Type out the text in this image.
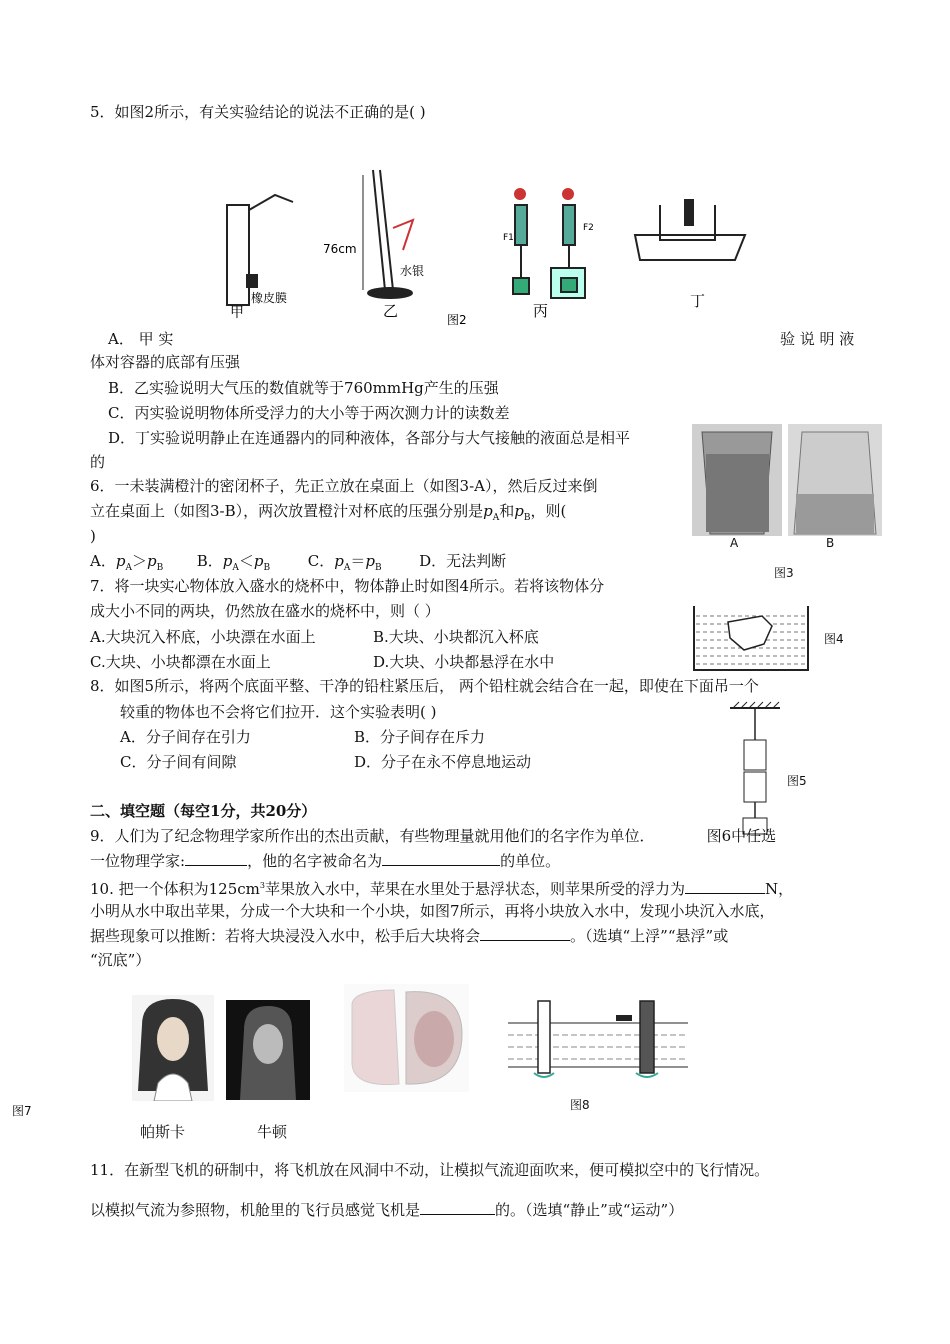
5．如图2所示，有关实验结论的说法不正确的是( )
橡皮膜
76cm
水银
F1
F2
甲	乙	图2	丙
丁
A． 甲 实	验 说 明 液
体对容器的底部有压强
B．乙实验说明大气压的数值就等于760mmHg产生的压强
C．丙实验说明物体所受浮力的大小等于两次测力计的读数差
D．丁实验说明静止在连通器内的同种液体，各部分与大气接触的液面总是相平
的
6．一未装满橙汁的密闭杯子，先正立放在桌面上（如图3-A），然后反过来倒
立在桌面上（如图3-B），两次放置橙汁对杯底的压强分别是$p_A$和$p_B$，则(
)
A．$p_A>p_B$ B．$p_A<p_B$	C．$p_A=p_B$	D．无法判断
A	B
图3
7．将一块实心物体放入盛水的烧杯中，物体静止时如图4所示。若将该物体分
成大小不同的两块，仍然放在盛水的烧杯中，则（ ）
A.大块沉入杯底，小块漂在水面上	B.大块、小块都沉入杯底
C.大块、小块都漂在水面上	D.大块、小块都悬浮在水中
图4
8．如图5所示，将两个底面平整、干净的铅柱紧压后， 两个铅柱就会结合在一起，即使在下面吊一个
较重的物体也不会将它们拉开．这个实验表明( )
A．分子间存在引力	B．分子间存在斥力
C．分子间有间隙	D．分子在永不停息地运动
图5
二、填空题（每空1分，共20分）
9．人们为了纪念物理学家所作出的杰出贡献，有些物理量就用他们的名字作为单位．	图6中任选
一位物理学家:	，他的名字被命名为	的单位。
10. 把一个体积为$125cm^3$苹果放入水中，苹果在水里处于悬浮状态，则苹果所受的浮力为	N，
小明从水中取出苹果，分成一个大块和一个小块，如图7所示，再将小块放入水中，发现小块沉入水底，
据些现象可以推断：若将大块浸没入水中，松手后大块将会	。（选填“上浮”“悬浮”或
“沉底”）
图7	图8
帕斯卡	牛顿
11．在新型飞机的研制中，将飞机放在风洞中不动，让模拟气流迎面吹来，便可模拟空中的飞行情况。
以模拟气流为参照物，机舱里的飞行员感觉飞机是	的。（选填“静止”或“运动”）
